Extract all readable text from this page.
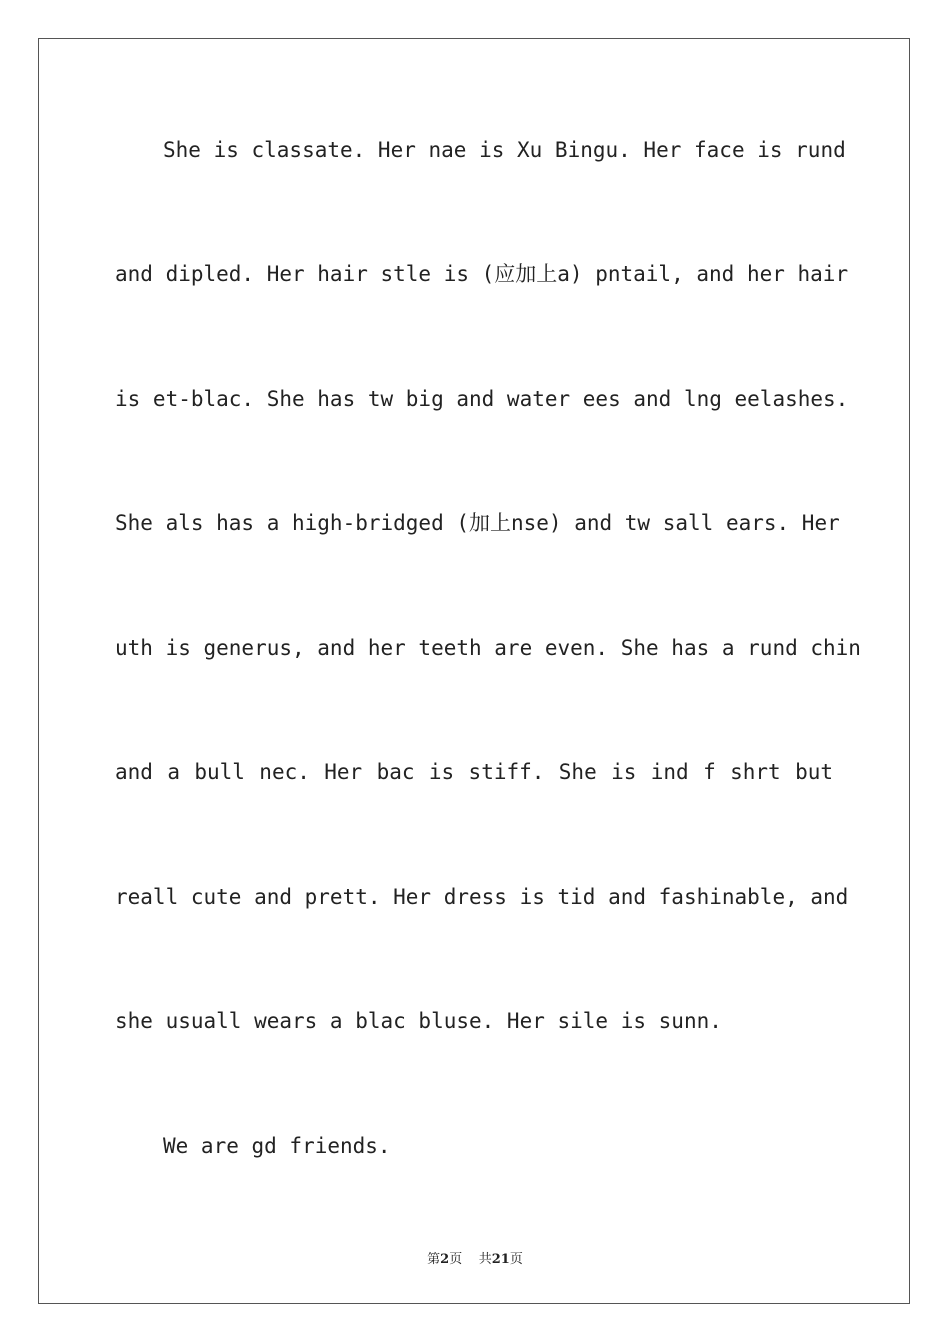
She is classate. Her nae is Xu Bingu. Her face is rund
and dipled. Her hair stle is (应加上a) pntail, and her hair
is et-blac. She has tw big and water ees and lng eelashes.
She als has a high-bridged (加上nse) and tw sall ears. Her
uth is generus, and her teeth are even. She has a rund chin
and a bull nec. Her bac is stiff. She is ind f shrt but
reall cute and prett. Her dress is tid and fashinable, and
she usuall wears a blac bluse. Her sile is sunn.
We are gd friends.
第2页 共21页
